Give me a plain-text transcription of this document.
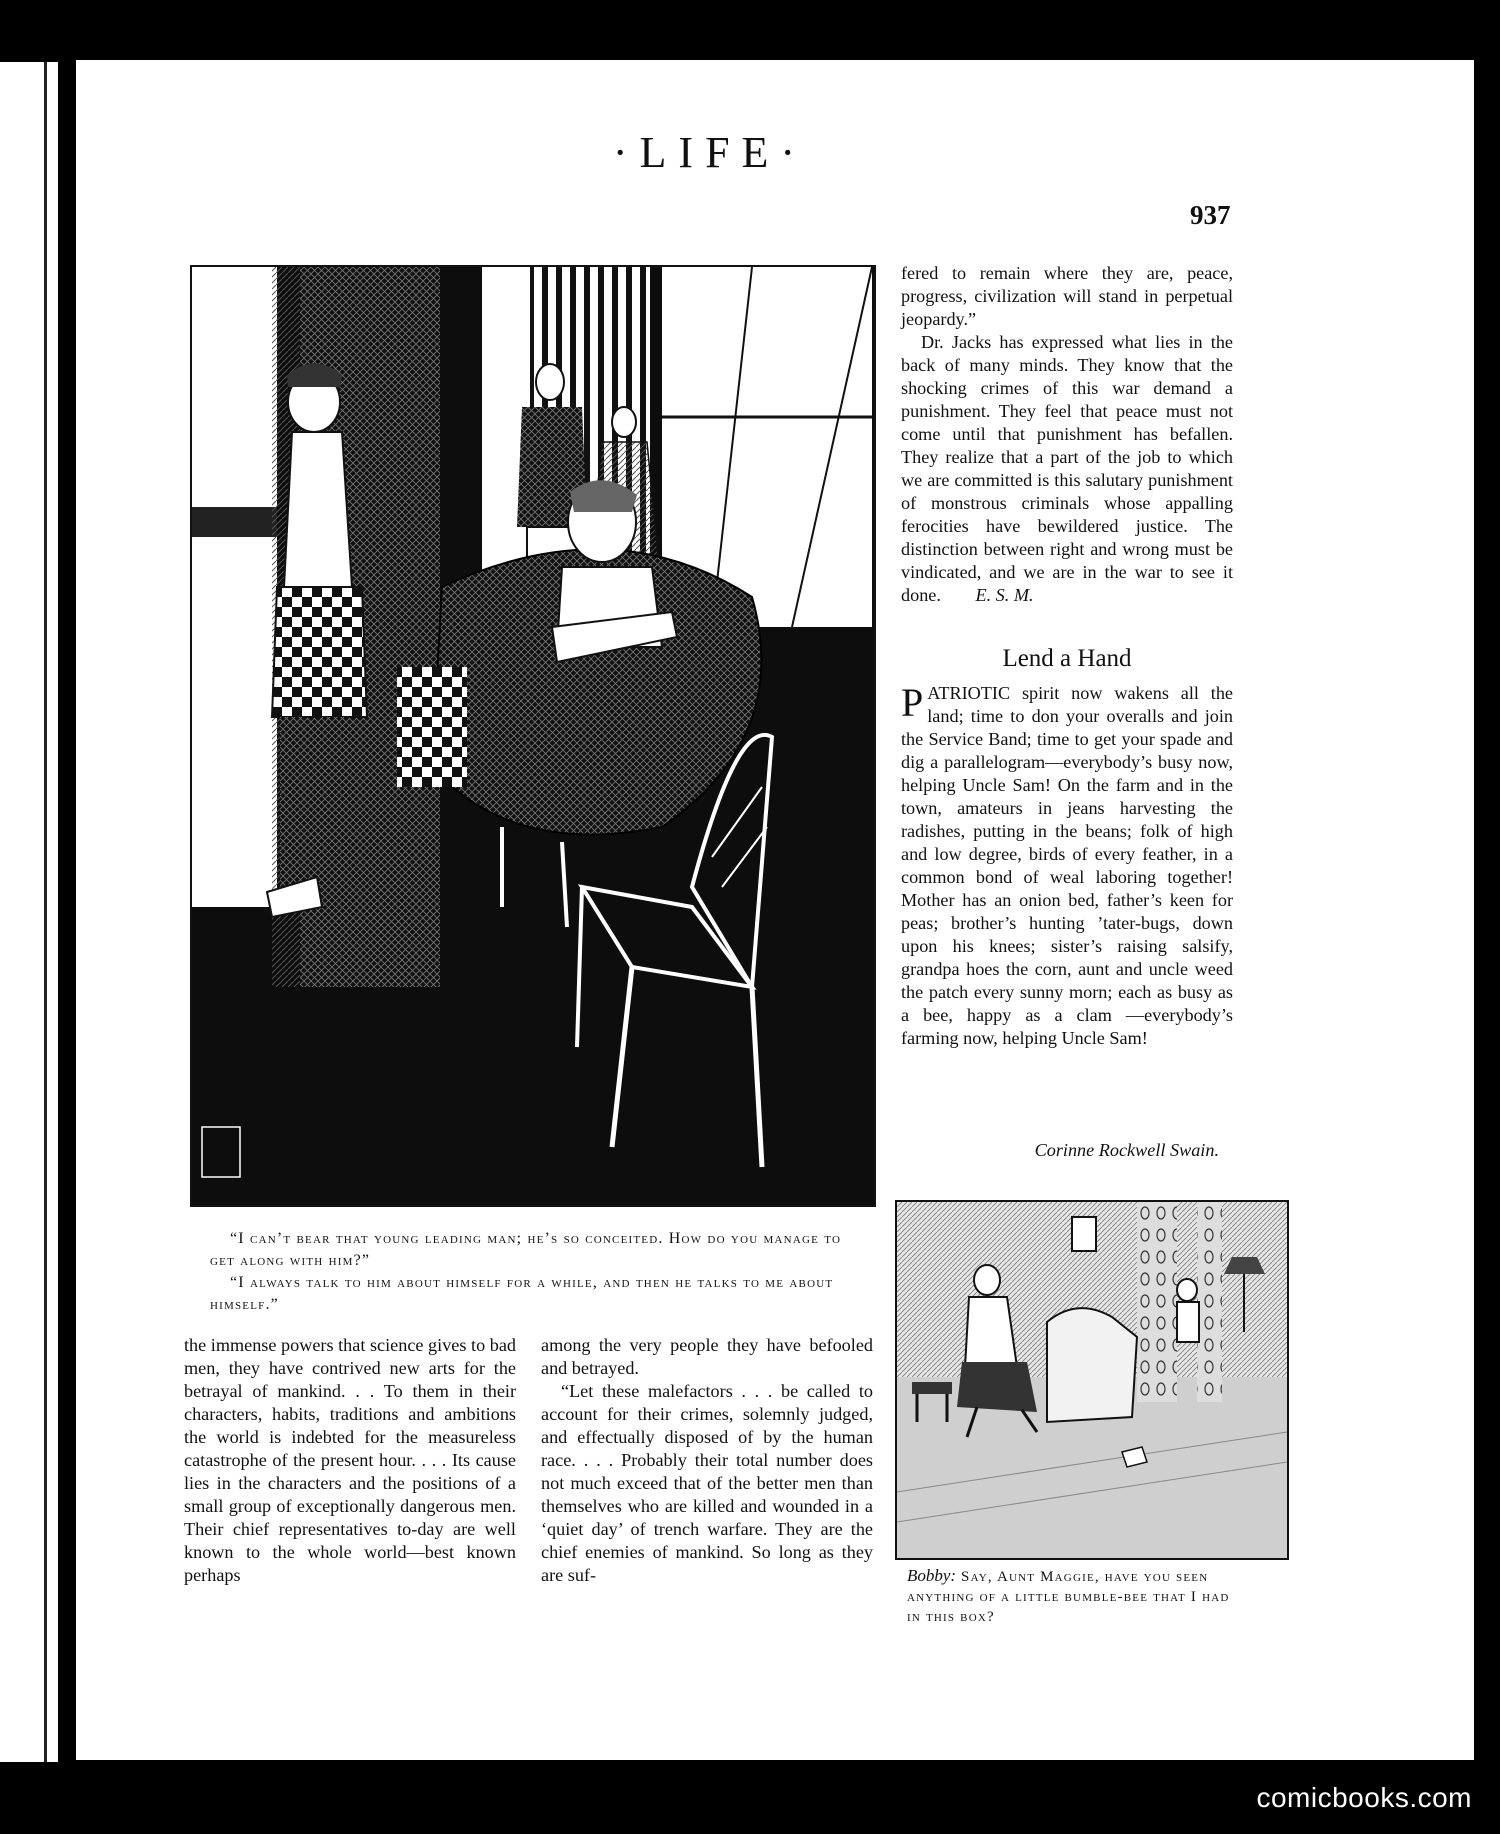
·LIFE·
937

“I can’t bear that young leading man; he’s so conceited. How do you manage to get along with him?”

“I always talk to him about himself for a while, and then he talks to me about himself.”

fered to remain where they are, peace, progress, civilization will stand in perpetual jeopardy.”

Dr. Jacks has expressed what lies in the back of many minds. They know that the shocking crimes of this war demand a punishment. They feel that peace must not come until that punishment has befallen. They realize that a part of the job to which we are committed is this salutary punishment of monstrous criminals whose appalling ferocities have bewildered justice. The distinction between right and wrong must be vindicated, and we are in the war to see it done. E. S. M.

Lend a Hand

PATRIOTIC spirit now wakens all the land; time to don your overalls and join the Service Band; time to get your spade and dig a parallelogram—everybody’s busy now, helping Uncle Sam! On the farm and in the town, amateurs in jeans harvesting the radishes, putting in the beans; folk of high and low degree, birds of every feather, in a common bond of weal laboring together! Mother has an onion bed, father’s keen for peas; brother’s hunting ’tater-bugs, down upon his knees; sister’s raising salsify, grandpa hoes the corn, aunt and uncle weed the patch every sunny morn; each as busy as a bee, happy as a clam —everybody’s farming now, helping Uncle Sam!

Corinne Rockwell Swain.

the immense powers that science gives to bad men, they have contrived new arts for the betrayal of mankind. . . To them in their characters, habits, traditions and ambitions the world is indebted for the measureless catastrophe of the present hour. . . . Its cause lies in the characters and the positions of a small group of exceptionally dangerous men. Their chief representatives to-day are well known to the whole world—best known perhaps

among the very people they have befooled and betrayed.

“Let these malefactors . . . be called to account for their crimes, solemnly judged, and effectually disposed of by the human race. . . . Probably their total number does not much exceed that of the better men than themselves who are killed and wounded in a ‘quiet day’ of trench warfare. They are the chief enemies of mankind. So long as they are suf-	Bobby: Say, Aunt Maggie, have you seen anything of a little bumble-bee that I had in this box?
comicbooks.com
